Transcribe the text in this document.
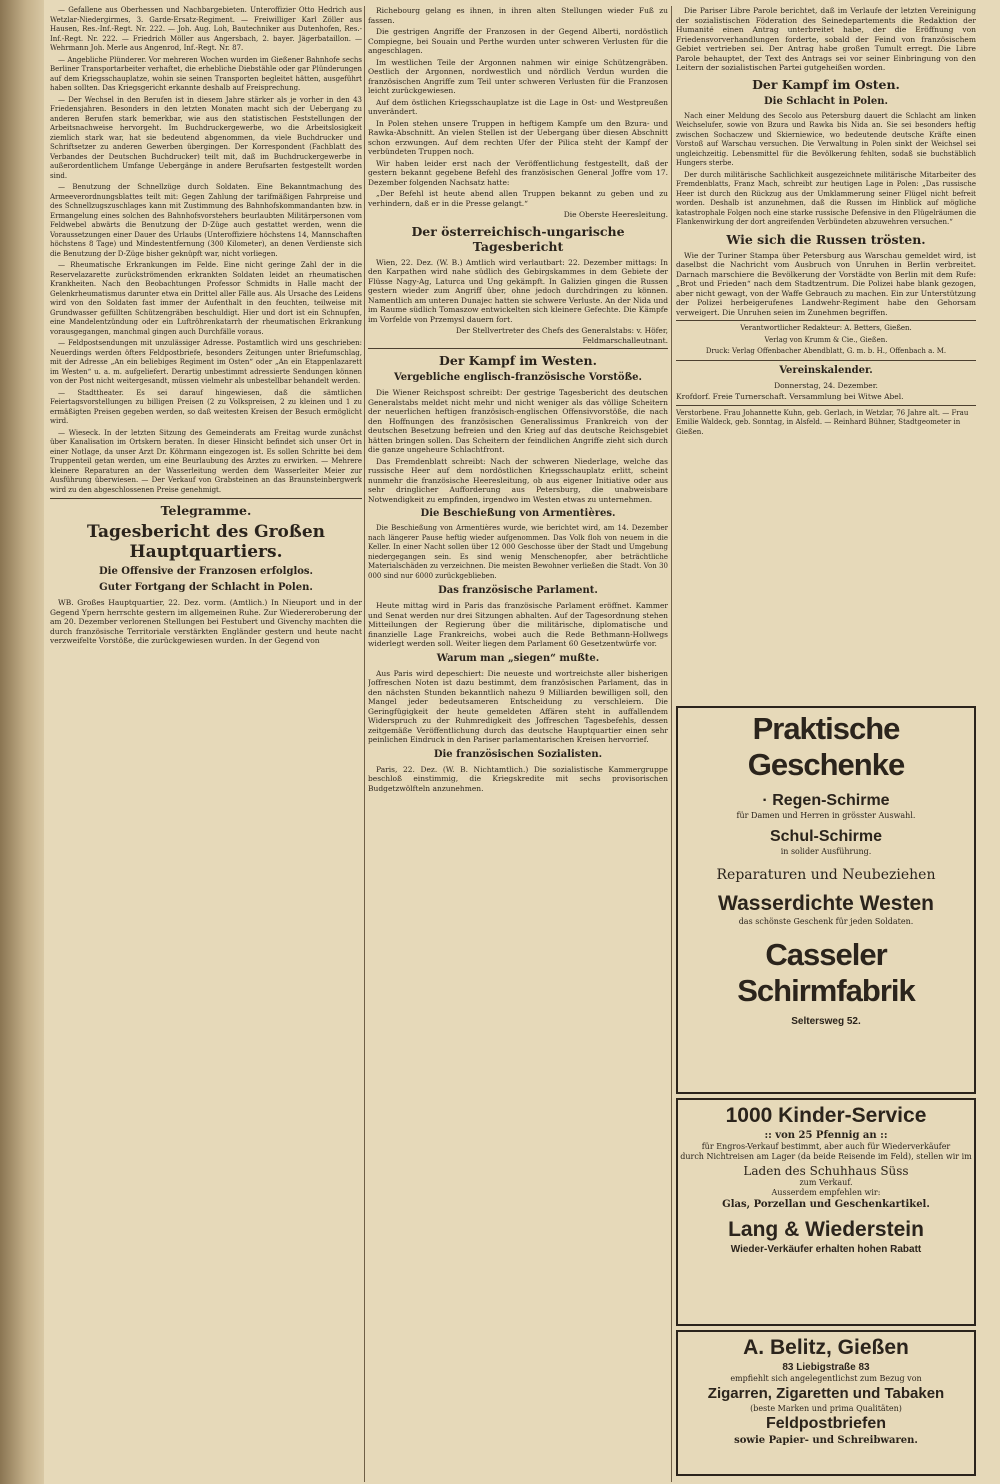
— Gefallene aus Oberhessen und Nachbargebieten. Unteroffizier Otto Hedrich aus Wetzlar-Niedergirmes, 3. Garde-Ersatz-Regiment. — Freiwilliger Karl Zöller aus Hausen, Res.-Inf.-Regt. Nr. 222. — Joh. Aug. Loh, Bautechniker aus Dutenhofen, Res.-Inf.-Regt. Nr. 222. — Friedrich Möller aus Angersbach, 2. bayer. Jägerbataillon. — Wehrmann Joh. Merle aus Angenrod, Inf.-Regt. Nr. 87.

— Angebliche Plünderer. Vor mehreren Wochen wurden im Gießener Bahnhofe sechs Berliner Transportarbeiter verhaftet, die erhebliche Diebstähle oder gar Plünderungen auf dem Kriegsschauplatze, wohin sie seinen Transporten begleitet hätten, ausgeführt haben sollten. Das Kriegsgericht erkannte deshalb auf Freisprechung.

— Der Wechsel in den Berufen ist in diesem Jahre stärker als je vorher in den 43 Friedensjahren. Besonders in den letzten Monaten macht sich der Uebergang zu anderen Berufen stark bemerkbar, wie aus den statistischen Feststellungen der Arbeitsnachweise hervorgeht. Im Buchdruckergewerbe, wo die Arbeitslosigkeit ziemlich stark war, hat sie bedeutend abgenommen, da viele Buchdrucker und Schriftsetzer zu anderen Gewerben übergingen. Der Korrespondent (Fachblatt des Verbandes der Deutschen Buchdrucker) teilt mit, daß im Buchdruckergewerbe in außerordentlichem Umfange Uebergänge in andere Berufsarten festgestellt worden sind.

— Benutzung der Schnellzüge durch Soldaten. Eine Bekanntmachung des Armeeverordnungsblattes teilt mit: Gegen Zahlung der tarifmäßigen Fahrpreise und des Schnellzugszuschlages kann mit Zustimmung des Bahnhofskommandanten bzw. in Ermangelung eines solchen des Bahnhofsvorstehers beurlaubten Militärpersonen vom Feldwebel abwärts die Benutzung der D-Züge auch gestattet werden, wenn die Voraussetzungen einer Dauer des Urlaubs (Unteroffiziere höchstens 14, Mannschaften höchstens 8 Tage) und Mindestentfernung (300 Kilometer), an denen Verdienste sich die Benutzung der D-Züge bisher geknüpft war, nicht vorliegen.

— Rheumatische Erkrankungen im Felde. Eine nicht geringe Zahl der in die Reservelazarette zurückströmenden erkrankten Soldaten leidet an rheumatischen Krankheiten. Nach den Beobachtungen Professor Schmidts in Halle macht der Gelenkrheumatismus darunter etwa ein Drittel aller Fälle aus. Als Ursache des Leidens wird von den Soldaten fast immer der Aufenthalt in den feuchten, teilweise mit Grundwasser gefüllten Schützengräben beschuldigt. Hier und dort ist ein Schnupfen, eine Mandelentzündung oder ein Luftröhrenkatarrh der rheumatischen Erkrankung vorausgegangen, manchmal gingen auch Durchfälle voraus.

— Feldpostsendungen mit unzulässiger Adresse. Postamtlich wird uns geschrieben: Neuerdings werden öfters Feldpostbriefe, besonders Zeitungen unter Briefumschlag, mit der Adresse „An ein beliebiges Regiment im Osten“ oder „An ein Etappenlazarett im Westen“ u. a. m. aufgeliefert. Derartig unbestimmt adressierte Sendungen können von der Post nicht weitergesandt, müssen vielmehr als unbestellbar behandelt werden.

— Stadttheater. Es sei darauf hingewiesen, daß die sämtlichen Feiertagsvorstellungen zu billigen Preisen (2 zu Volkspreisen, 2 zu kleinen und 1 zu ermäßigten Preisen gegeben werden, so daß weitesten Kreisen der Besuch ermöglicht wird.

— Wieseck. In der letzten Sitzung des Gemeinderats am Freitag wurde zunächst über Kanalisation im Ortskern beraten. In dieser Hinsicht befindet sich unser Ort in einer Notlage, da unser Arzt Dr. Köhrmann eingezogen ist. Es sollen Schritte bei dem Truppenteil getan werden, um eine Beurlaubung des Arztes zu erwirken. — Mehrere kleinere Reparaturen an der Wasserleitung werden dem Wasserleiter Meier zur Ausführung überwiesen. — Der Verkauf von Grabsteinen an das Braunsteinbergwerk wird zu den abgeschlossenen Preise genehmigt.

Telegramme.
Tagesbericht des Großen Hauptquartiers.
Die Offensive der Franzosen erfolglos.
Guter Fortgang der Schlacht in Polen.

WB. Großes Hauptquartier, 22. Dez. vorm. (Amtlich.) In Nieuport und in der Gegend Ypern herrschte gestern im allgemeinen Ruhe. Zur Wiedereroberung der am 20. Dezember verlorenen Stellungen bei Festubert und Givenchy machten die durch französische Territoriale verstärkten Engländer gestern und heute nacht verzweifelte Vorstöße, die zurückgewiesen wurden. In der Gegend von

Richebourg gelang es ihnen, in ihren alten Stellungen wieder Fuß zu fassen.

Die gestrigen Angriffe der Franzosen in der Gegend Alberti, nordöstlich Compiegne, bei Souain und Perthe wurden unter schweren Verlusten für die angeschlagen.

Im westlichen Teile der Argonnen nahmen wir einige Schützengräben. Oestlich der Argonnen, nordwestlich und nördlich Verdun wurden die französischen Angriffe zum Teil unter schweren Verlusten für die Franzosen leicht zurückgewiesen.

Auf dem östlichen Kriegsschauplatze ist die Lage in Ost- und Westpreußen unverändert.

In Polen stehen unsere Truppen in heftigem Kampfe um den Bzura- und Rawka-Abschnitt. An vielen Stellen ist der Uebergang über diesen Abschnitt schon erzwungen. Auf dem rechten Ufer der Pilica steht der Kampf der verbündeten Truppen noch.

Wir haben leider erst nach der Veröffentlichung festgestellt, daß der gestern bekannt gegebene Befehl des französischen General Joffre vom 17. Dezember folgenden Nachsatz hatte:

„Der Befehl ist heute abend allen Truppen bekannt zu geben und zu verhindern, daß er in die Presse gelangt.“

Die Oberste Heeresleitung.

Der österreichisch-ungarische Tagesbericht

Wien, 22. Dez. (W. B.) Amtlich wird verlautbart: 22. Dezember mittags: In den Karpathen wird nahe südlich des Gebirgskammes in dem Gebiete der Flüsse Nagy-Ag, Laturca und Ung gekämpft. In Galizien gingen die Russen gestern wieder zum Angriff über, ohne jedoch durchdringen zu können. Namentlich am unteren Dunajec hatten sie schwere Verluste. An der Nida und im Raume südlich Tomaszow entwickelten sich kleinere Gefechte. Die Kämpfe im Vorfelde von Przemysl dauern fort.

Der Stellvertreter des Chefs des Generalstabs: v. Höfer, Feldmarschalleutnant.

Der Kampf im Westen.
Vergebliche englisch-französische Vorstöße.

Die Wiener Reichspost schreibt: Der gestrige Tagesbericht des deutschen Generalstabs meldet nicht mehr und nicht weniger als das völlige Scheitern der neuerlichen heftigen französisch-englischen Offensivvorstöße, die nach den Hoffnungen des französischen Generalissimus Frankreich von der deutschen Besetzung befreien und den Krieg auf das deutsche Reichsgebiet hätten bringen sollen. Das Scheitern der feindlichen Angriffe zieht sich durch die ganze ungeheure Schlachtfront.

Das Fremdenblatt schreibt: Nach der schweren Niederlage, welche das russische Heer auf dem nordöstlichen Kriegsschauplatz erlitt, scheint nunmehr die französische Heeresleitung, ob aus eigener Initiative oder aus sehr dringlicher Aufforderung aus Petersburg, die unabweisbare Notwendigkeit zu empfinden, irgendwo im Westen etwas zu unternehmen.

Die Beschießung von Armentières.

Die Beschießung von Armentières wurde, wie berichtet wird, am 14. Dezember nach längerer Pause heftig wieder aufgenommen. Das Volk floh von neuem in die Keller. In einer Nacht sollen über 12 000 Geschosse über der Stadt und Umgebung niedergegangen sein. Es sind wenig Menschenopfer, aber beträchtliche Materialschäden zu verzeichnen. Die meisten Bewohner verließen die Stadt. Von 30 000 sind nur 6000 zurückgeblieben.

Das französische Parlament.

Heute mittag wird in Paris das französische Parlament eröffnet. Kammer und Senat werden nur drei Sitzungen abhalten. Auf der Tagesordnung stehen Mitteilungen der Regierung über die militärische, diplomatische und finanzielle Lage Frankreichs, wobei auch die Rede Bethmann-Hollwegs widerlegt werden soll. Weiter liegen dem Parlament 60 Gesetzentwürfe vor.

Warum man „siegen“ mußte.

Aus Paris wird depeschiert: Die neueste und wortreichste aller bisherigen Joffreschen Noten ist dazu bestimmt, dem französischen Parlament, das in den nächsten Stunden bekanntlich nahezu 9 Milliarden bewilligen soll, den Mangel jeder bedeutsameren Entscheidung zu verschleiern. Die Geringfügigkeit der heute gemeldeten Affären steht in auffallendem Widerspruch zu der Ruhmredigkeit des Joffreschen Tagesbefehls, dessen zeitgemäße Veröffentlichung durch das deutsche Hauptquartier einen sehr peinlichen Eindruck in den Pariser parlamentarischen Kreisen hervorrief.

Die französischen Sozialisten.

Paris, 22. Dez. (W. B. Nichtamtlich.) Die sozialistische Kammergruppe beschloß einstimmig, die Kriegskredite mit sechs provisorischen Budgetzwölfteln anzunehmen.

Die Pariser Libre Parole berichtet, daß im Verlaufe der letzten Vereinigung der sozialistischen Föderation des Seinedepartements die Redaktion der Humanité einen Antrag unterbreitet habe, der die Eröffnung von Friedensvorverhandlungen forderte, sobald der Feind von französischem Gebiet vertrieben sei. Der Antrag habe großen Tumult erregt. Die Libre Parole behauptet, der Text des Antrags sei vor seiner Einbringung von den Leitern der sozialistischen Partei gutgeheißen worden.

Der Kampf im Osten.
Die Schlacht in Polen.

Nach einer Meldung des Secolo aus Petersburg dauert die Schlacht am linken Weichselufer, sowie von Bzura und Rawka bis Nida an. Sie sei besonders heftig zwischen Sochaczew und Skierniewice, wo bedeutende deutsche Kräfte einen Vorstoß auf Warschau versuchen. Die Verwaltung in Polen sinkt der Weichsel sei ungleichzeitig. Lebensmittel für die Bevölkerung fehlten, sodaß sie buchstäblich Hungers sterbe.

Der durch militärische Sachlichkeit ausgezeichnete militärische Mitarbeiter des Fremdenblatts, Franz Mach, schreibt zur heutigen Lage in Polen: „Das russische Heer ist durch den Rückzug aus der Umklammerung seiner Flügel nicht befreit worden. Deshalb ist anzunehmen, daß die Russen im Hinblick auf mögliche katastrophale Folgen noch eine starke russische Defensive in den Flügelräumen die Flankenwirkung der dort angreifenden Verbündeten abzuwehren versuchen.“

Wie sich die Russen trösten.

Wie der Turiner Stampa über Petersburg aus Warschau gemeldet wird, ist daselbst die Nachricht vom Ausbruch von Unruhen in Berlin verbreitet. Darnach marschiere die Bevölkerung der Vorstädte von Berlin mit dem Rufe: „Brot und Frieden“ nach dem Stadtzentrum. Die Polizei habe blank gezogen, aber nicht gewagt, von der Waffe Gebrauch zu machen. Ein zur Unterstützung der Polizei herbeigerufenes Landwehr-Regiment habe den Gehorsam verweigert. Die Unruhen seien im Zunehmen begriffen.

Verantwortlicher Redakteur: A. Betters, Gießen.

Verlag von Krumm & Cie., Gießen.

Druck: Verlag Offenbacher Abendblatt, G. m. b. H., Offenbach a. M.

Vereinskalender.

Donnerstag, 24. Dezember.

Krofdorf. Freie Turnerschaft. Versammlung bei Witwe Abel.

Verstorbene. Frau Johannette Kuhn, geb. Gerlach, in Wetzlar, 76 Jahre alt. — Frau Emilie Waldeck, geb. Sonntag, in Alsfeld. — Reinhard Bühner, Stadtgeometer in Gießen.

Praktische Geschenke
· Regen-Schirme
für Damen und Herren in grösster Auswahl.
Schul-Schirme
in solider Ausführung.
Reparaturen und Neubeziehen
Wasserdichte Westen
das schönste Geschenk für jeden Soldaten.
Casseler Schirmfabrik
Seltersweg 52.
1000 Kinder-Service
:: von 25 Pfennig an ::
für Engros-Verkauf bestimmt, aber auch für Wiederverkäufer
durch Nichtreisen am Lager (da beide Reisende im Feld), stellen wir im
Laden des Schuhhaus Süss
zum Verkauf.
Ausserdem empfehlen wir:
Glas, Porzellan und Geschenkartikel.
Lang & Wiederstein
Wieder-Verkäufer erhalten hohen Rabatt
A. Belitz, Gießen
83 Liebigstraße 83
empfiehlt sich angelegentlichst zum Bezug von
Zigarren, Zigaretten und Tabaken
(beste Marken und prima Qualitäten)
Feldpostbriefen
sowie Papier- und Schreibwaren.
